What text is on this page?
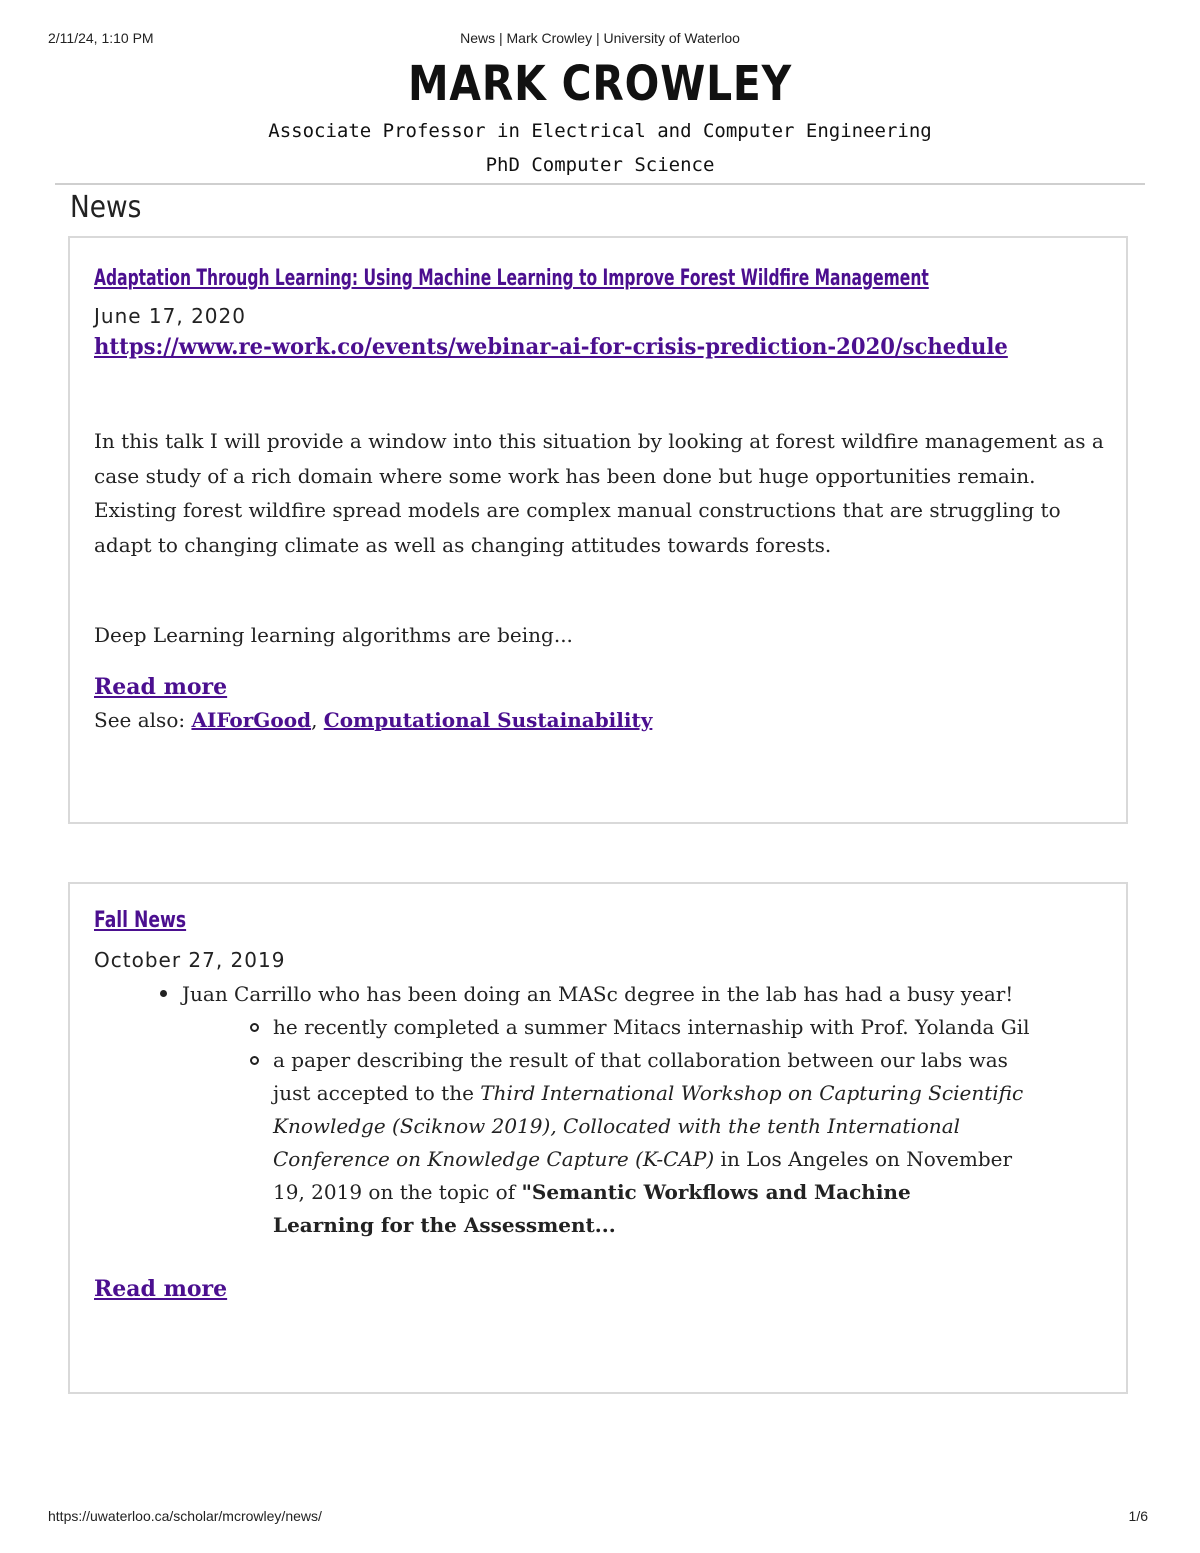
2/11/24, 1:10 PM	News | Mark Crowley | University of Waterloo
MARK CROWLEY
Associate Professor in Electrical and Computer Engineering
PhD Computer Science
News
Adaptation Through Learning: Using Machine Learning to Improve Forest Wildfire Management
June 17, 2020
https://www.re-work.co/events/webinar-ai-for-crisis-prediction-2020/schedule
In this talk I will provide a window into this situation by looking at forest wildfire management as a case study of a rich domain where some work has been done but huge opportunities remain. Existing forest wildfire spread models are complex manual constructions that are struggling to adapt to changing climate as well as changing attitudes towards forests.
Deep Learning learning algorithms are being...
Read more
See also: AIForGood, Computational Sustainability
Fall News
October 27, 2019
Juan Carrillo who has been doing an MASc degree in the lab has had a busy year!
he recently completed a summer Mitacs internaship with Prof. Yolanda Gil
a paper describing the result of that collaboration between our labs was
just accepted to the Third International Workshop on Capturing Scientific
Knowledge (Sciknow 2019), Collocated with the tenth International
Conference on Knowledge Capture (K-CAP) in Los Angeles on November
19, 2019 on the topic of "Semantic Workflows and Machine
Learning for the Assessment...
Read more
https://uwaterloo.ca/scholar/mcrowley/news/	1/6
